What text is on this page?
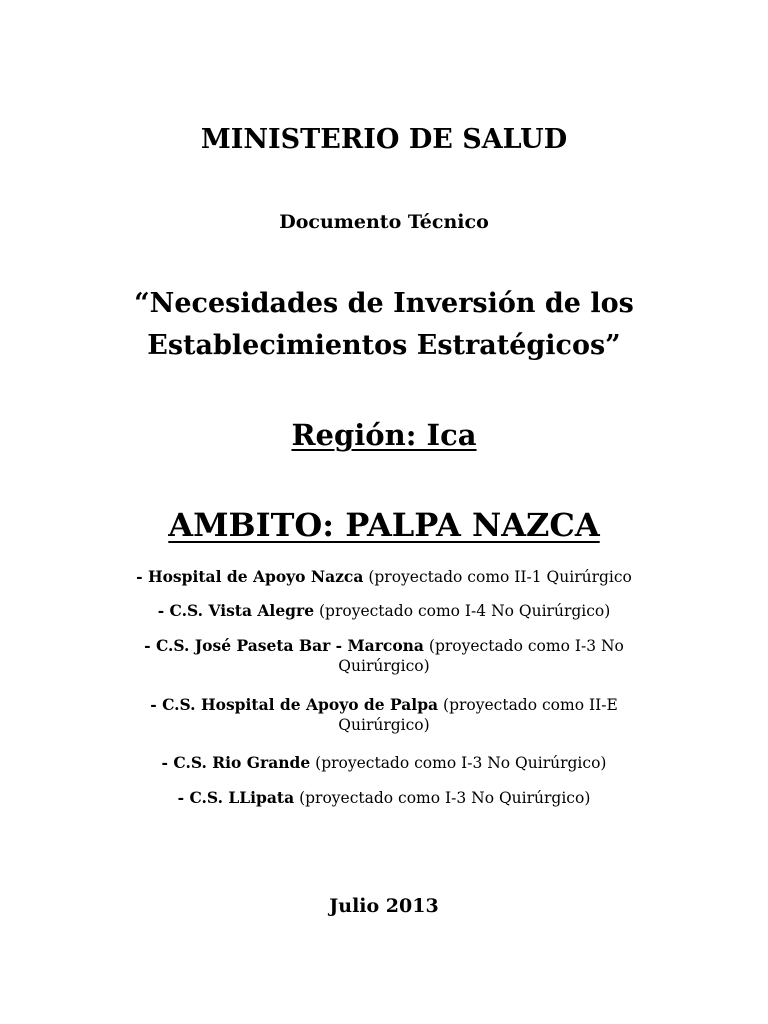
MINISTERIO DE SALUD
Documento Técnico
“Necesidades de Inversión de los
Establecimientos Estratégicos”
Región: Ica
AMBITO: PALPA NAZCA
- Hospital de Apoyo Nazca (proyectado como II-1 Quirúrgico
- C.S. Vista Alegre (proyectado como I-4 No Quirúrgico)
- C.S. José Paseta Bar - Marcona (proyectado como I-3 No
Quirúrgico)
- C.S. Hospital de Apoyo de Palpa (proyectado como II-E
Quirúrgico)
- C.S. Rio Grande (proyectado como I-3 No Quirúrgico)
- C.S. LLipata (proyectado como I-3 No Quirúrgico)
Julio 2013
